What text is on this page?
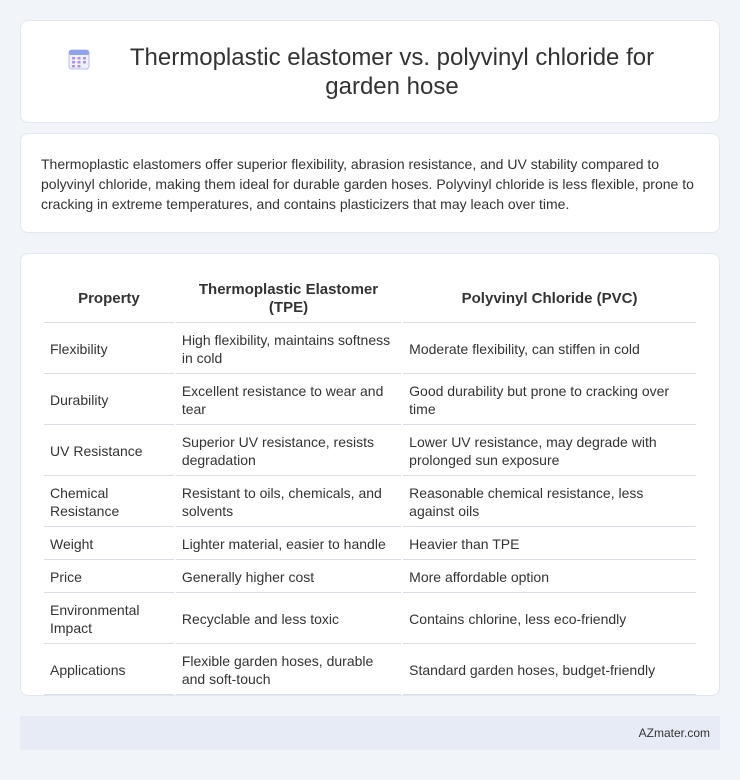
Thermoplastic elastomer vs. polyvinyl chloride for garden hose

Thermoplastic elastomers offer superior flexibility, abrasion resistance, and UV stability compared to polyvinyl chloride, making them ideal for durable garden hoses. Polyvinyl chloride is less flexible, prone to cracking in extreme temperatures, and contains plasticizers that may leach over time.

Property	Thermoplastic Elastomer (TPE)	Polyvinyl Chloride (PVC)
Flexibility	High flexibility, maintains softness in cold	Moderate flexibility, can stiffen in cold
Durability	Excellent resistance to wear and tear	Good durability but prone to cracking over time
UV Resistance	Superior UV resistance, resists degradation	Lower UV resistance, may degrade with prolonged sun exposure
Chemical Resistance	Resistant to oils, chemicals, and solvents	Reasonable chemical resistance, less against oils
Weight	Lighter material, easier to handle	Heavier than TPE
Price	Generally higher cost	More affordable option
Environmental Impact	Recyclable and less toxic	Contains chlorine, less eco-friendly
Applications	Flexible garden hoses, durable and soft-touch	Standard garden hoses, budget-friendly
AZmater.com
